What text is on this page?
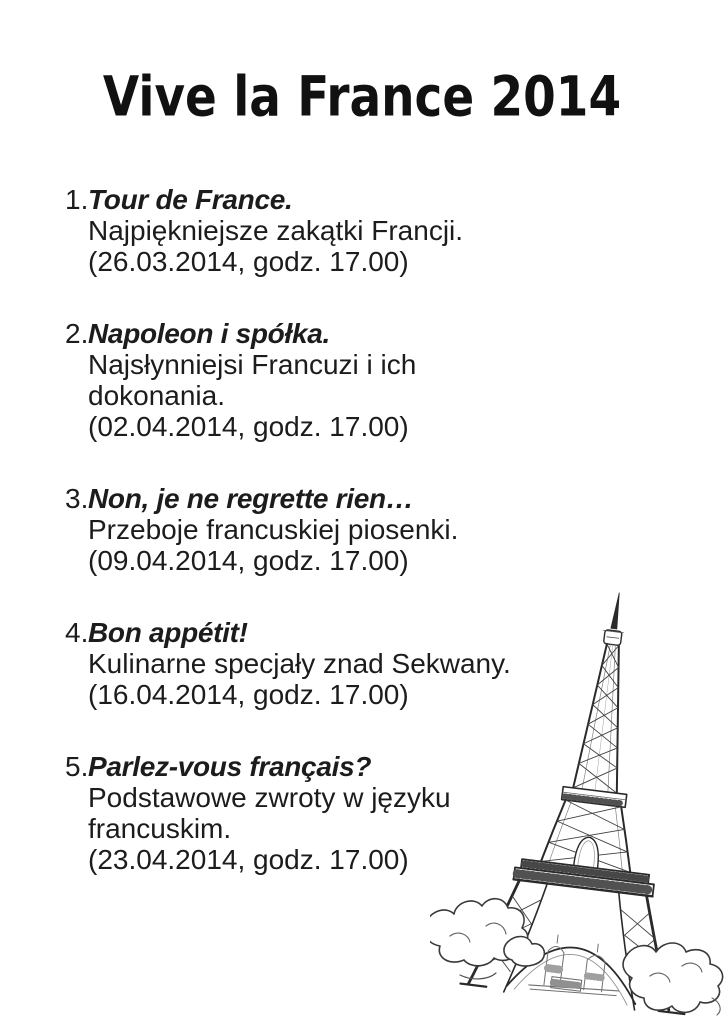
Vive la France 2014
1.Tour de France.
Najpiękniejsze zakątki Francji.
(26.03.2014, godz. 17.00)
2.Napoleon i spółka.
Najsłynniejsi Francuzi i ich dokonania.
(02.04.2014, godz. 17.00)
3.Non, je ne regrette rien…
Przeboje francuskiej piosenki.
(09.04.2014, godz. 17.00)
4.Bon appétit!
Kulinarne specjały znad Sekwany.
(16.04.2014, godz. 17.00)
5.Parlez-vous français?
Podstawowe zwroty w języku francuskim.
(23.04.2014, godz. 17.00)
